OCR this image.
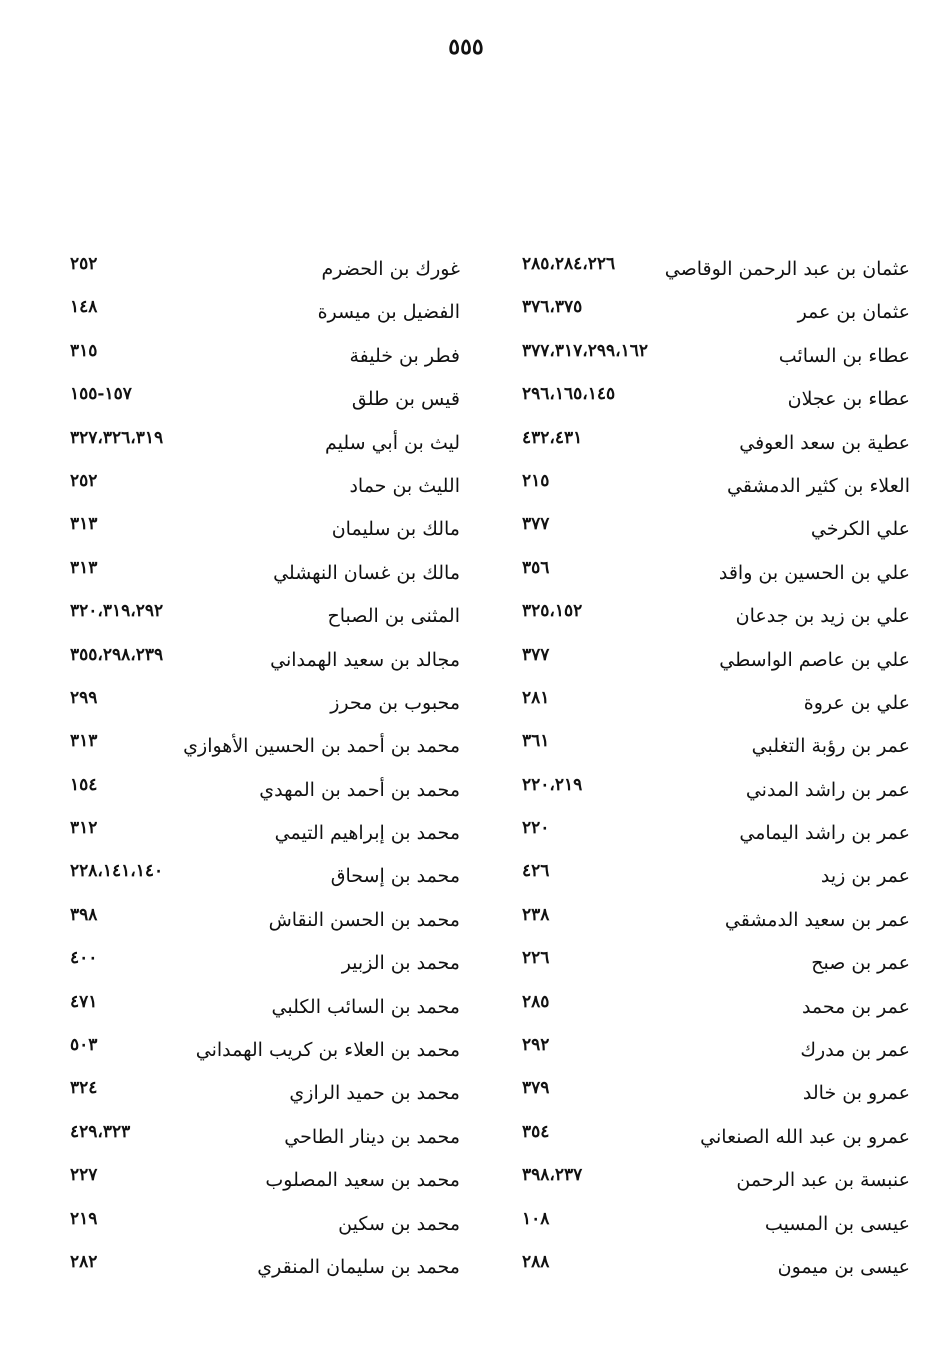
٥٥٥
عثمان بن عبد الرحمن الوقاصي
٢٨٥،٢٨٤،٢٢٦
عثمان بن عمر
٣٧٦،٣٧٥
عطاء بن السائب
٣٧٧،٣١٧،٢٩٩،١٦٢
عطاء بن عجلان
٢٩٦،١٦٥،١٤٥
عطية بن سعد العوفي
٤٣٢،٤٣١
العلاء بن كثير الدمشقي
٢١٥
علي الكرخي
٣٧٧
علي بن الحسين بن واقد
٣٥٦
علي بن زيد بن جدعان
٣٢٥،١٥٢
علي بن عاصم الواسطي
٣٧٧
علي بن عروة
٢٨١
عمر بن رؤبة التغلبي
٣٦١
عمر بن راشد المدني
٢٢٠،٢١٩
عمر بن راشد اليمامي
٢٢٠
عمر بن زيد
٤٢٦
عمر بن سعيد الدمشقي
٢٣٨
عمر بن صبح
٢٢٦
عمر بن محمد
٢٨٥
عمر بن مدرك
٢٩٢
عمرو بن خالد
٣٧٩
عمرو بن عبد الله الصنعاني
٣٥٤
عنبسة بن عبد الرحمن
٣٩٨،٢٣٧
عيسى بن المسيب
١٠٨
عيسى بن ميمون
٢٨٨
غورك بن الحضرم
٢٥٢
الفضيل بن ميسرة
١٤٨
فطر بن خليفة
٣١٥
قيس بن طلق
١٥٧-١٥٥
ليث بن أبي سليم
٣٢٧،٣٢٦،٣١٩
الليث بن حماد
٢٥٢
مالك بن سليمان
٣١٣
مالك بن غسان النهشلي
٣١٣
المثنى بن الصباح
٣٢٠،٣١٩،٢٩٢
مجالد بن سعيد الهمداني
٣٥٥،٢٩٨،٢٣٩
محبوب بن محرز
٢٩٩
محمد بن أحمد بن الحسين الأهوازي
٣١٣
محمد بن أحمد بن المهدي
١٥٤
محمد بن إبراهيم التيمي
٣١٢
محمد بن إسحاق
٢٢٨،١٤١،١٤٠
محمد بن الحسن النقاش
٣٩٨
محمد بن الزبير
٤٠٠
محمد بن السائب الكلبي
٤٧١
محمد بن العلاء بن كريب الهمداني
٥٠٣
محمد بن حميد الرازي
٣٢٤
محمد بن دينار الطاحي
٤٢٩،٣٢٣
محمد بن سعيد المصلوب
٢٢٧
محمد بن سكين
٢١٩
محمد بن سليمان المنقري
٢٨٢
